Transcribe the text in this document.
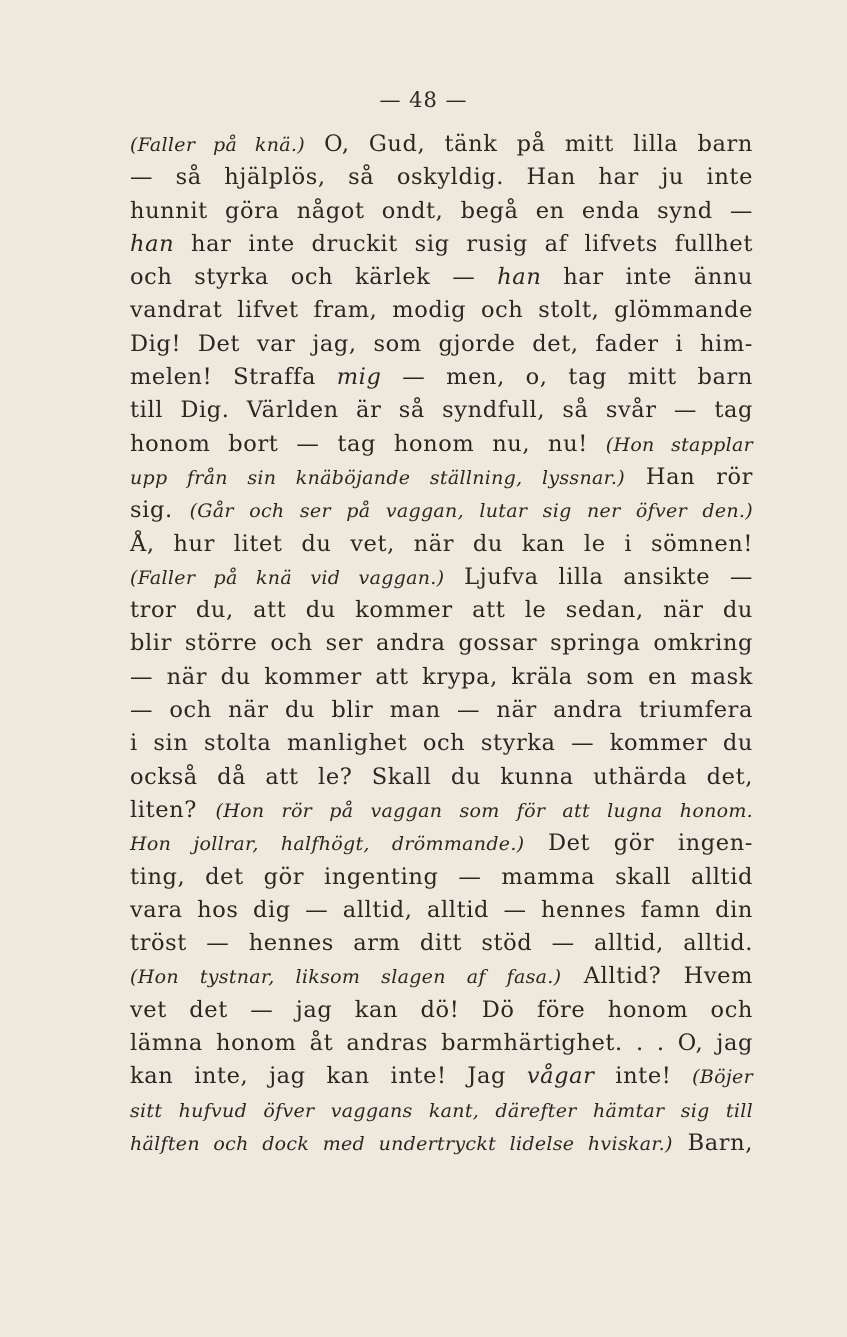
— 48 —
(Faller på knä.) O, Gud, tänk på mitt lilla barn
— så hjälplös, så oskyldig. Han har ju inte
hunnit göra något ondt, begå en enda synd —
han har inte druckit sig rusig af lifvets fullhet
och styrka och kärlek — han har inte ännu
vandrat lifvet fram, modig och stolt, glömmande
Dig! Det var jag, som gjorde det, fader i him-
melen! Straffa mig — men, o, tag mitt barn
till Dig. Världen är så syndfull, så svår — tag
honom bort — tag honom nu, nu! (Hon stapplar
upp från sin knäböjande ställning, lyssnar.) Han rör
sig. (Går och ser på vaggan, lutar sig ner öfver den.)
Å, hur litet du vet, när du kan le i sömnen!
(Faller på knä vid vaggan.) Ljufva lilla ansikte —
tror du, att du kommer att le sedan, när du
blir större och ser andra gossar springa omkring
— när du kommer att krypa, kräla som en mask
— och när du blir man — när andra triumfera
i sin stolta manlighet och styrka — kommer du
också då att le? Skall du kunna uthärda det,
liten? (Hon rör på vaggan som för att lugna honom.
Hon jollrar, halfhögt, drömmande.) Det gör ingen-
ting, det gör ingenting — mamma skall alltid
vara hos dig — alltid, alltid — hennes famn din
tröst — hennes arm ditt stöd — alltid, alltid.
(Hon tystnar, liksom slagen af fasa.) Alltid? Hvem
vet det — jag kan dö! Dö före honom och
lämna honom åt andras barmhärtighet. . . O, jag
kan inte, jag kan inte! Jag vågar inte! (Böjer
sitt hufvud öfver vaggans kant, därefter hämtar sig till
hälften och dock med undertryckt lidelse hviskar.) Barn,
